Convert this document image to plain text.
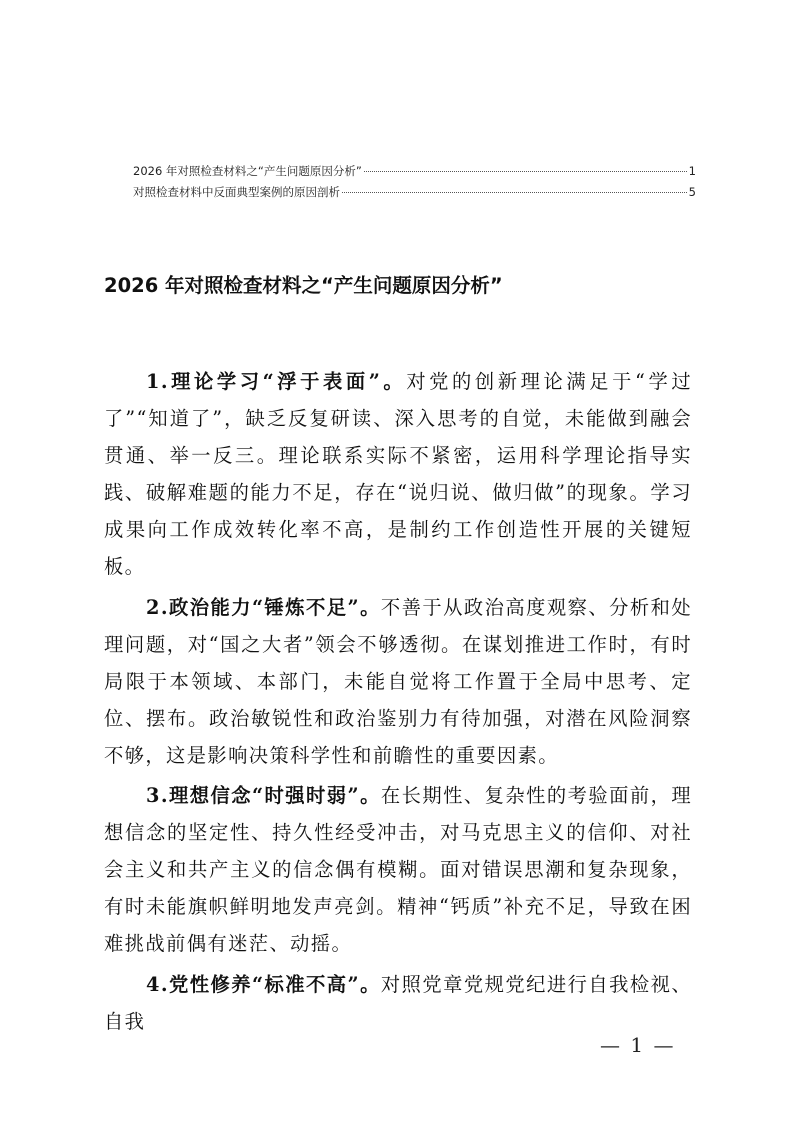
2026 年对照检查材料之“产生问题原因分析”	1
对照检查材料中反面典型案例的原因剖析	5
2026 年对照检查材料之“产生问题原因分析”

1.理论学习“浮于表面”。对党的创新理论满足于“学过了”“知道了”，缺乏反复研读、深入思考的自觉，未能做到融会贯通、举一反三。理论联系实际不紧密，运用科学理论指导实践、破解难题的能力不足，存在“说归说、做归做”的现象。学习成果向工作成效转化率不高，是制约工作创造性开展的关键短板。

2.政治能力“锤炼不足”。不善于从政治高度观察、分析和处理问题，对“国之大者”领会不够透彻。在谋划推进工作时，有时局限于本领域、本部门，未能自觉将工作置于全局中思考、定位、摆布。政治敏锐性和政治鉴别力有待加强，对潜在风险洞察不够，这是影响决策科学性和前瞻性的重要因素。

3.理想信念“时强时弱”。在长期性、复杂性的考验面前，理想信念的坚定性、持久性经受冲击，对马克思主义的信仰、对社会主义和共产主义的信念偶有模糊。面对错误思潮和复杂现象，有时未能旗帜鲜明地发声亮剑。精神“钙质”补充不足，导致在困难挑战前偶有迷茫、动摇。

4.党性修养“标准不高”。对照党章党规党纪进行自我检视、自我

— 1 —
